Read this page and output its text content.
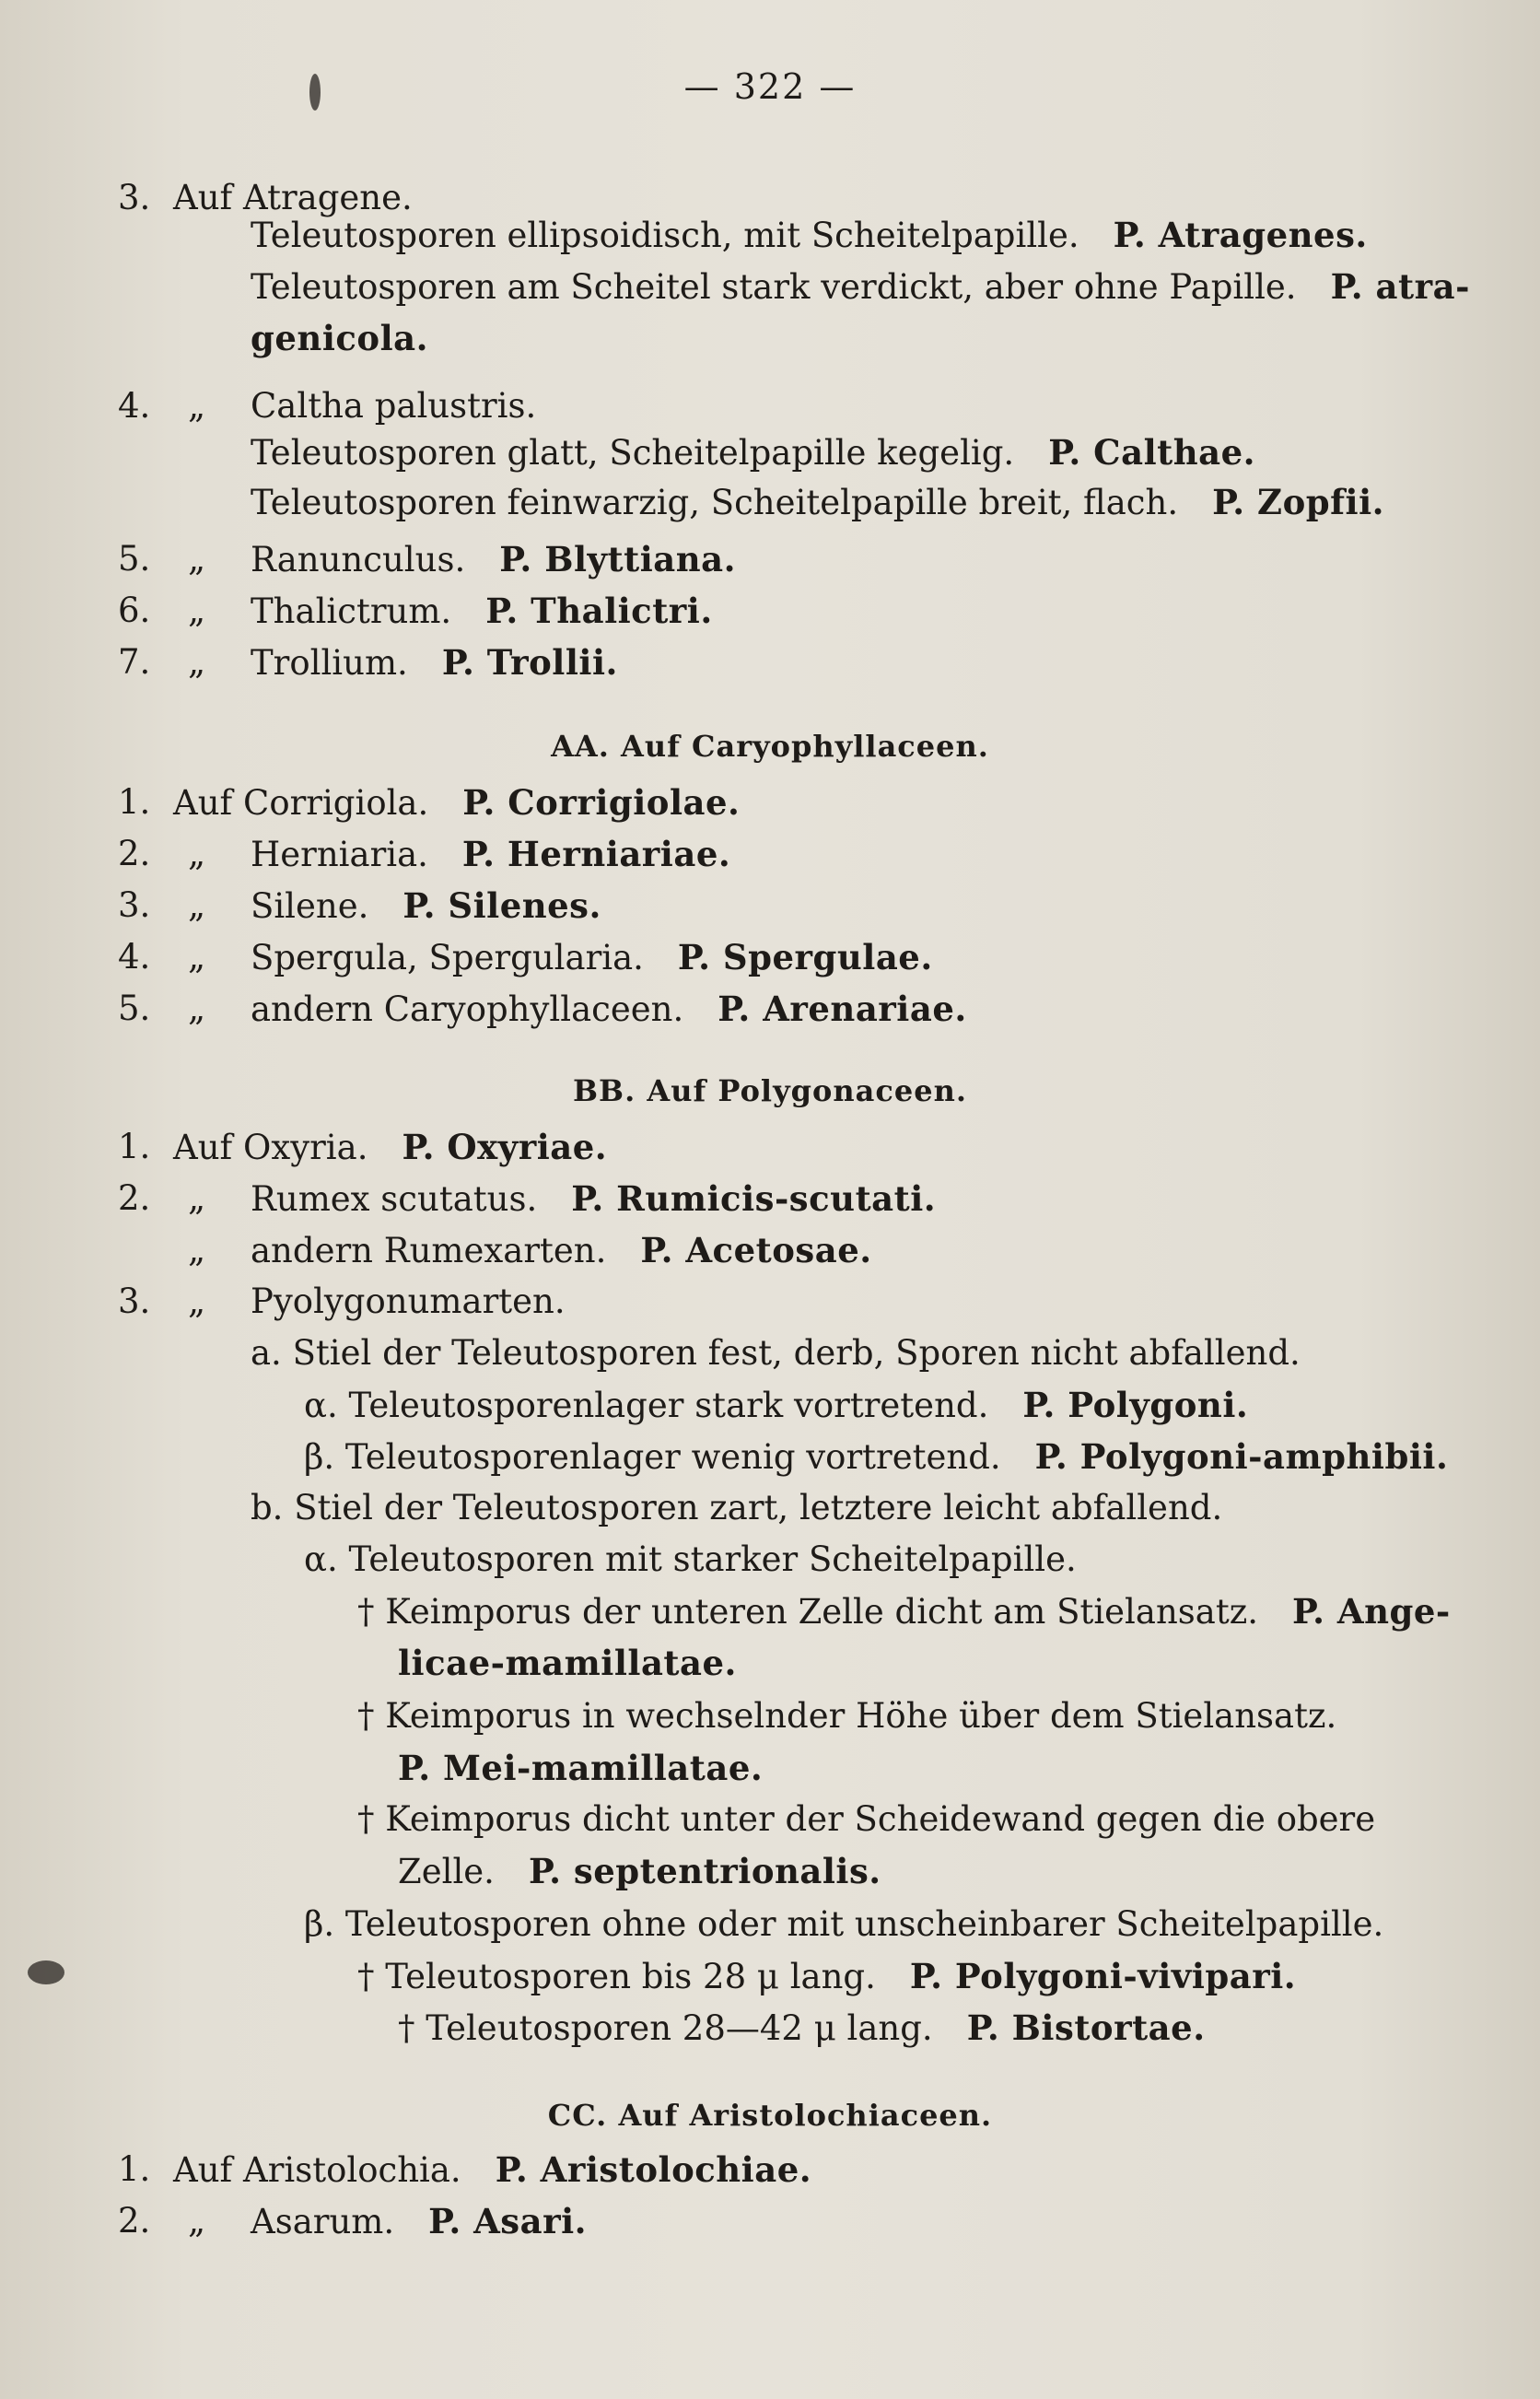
— 322 —
3. Auf Atragene.
Teleutosporen ellipsoidisch, mit Scheitelpapille.  P. Atragenes.
Teleutosporen am Scheitel stark verdickt, aber ohne Papille.  P. atra-
genicola.
4. „ Caltha palustris.
Teleutosporen glatt, Scheitelpapille kegelig.  P. Calthae.
Teleutosporen feinwarzig, Scheitelpapille breit, flach.  P. Zopfii.
5. „ Ranunculus.  P. Blyttiana.
6. „ Thalictrum.  P. Thalictri.
7. „ Trollium.  P. Trollii.
AA. Auf Caryophyllaceen.
1. Auf Corrigiola.  P. Corrigiolae.
2. „ Herniaria.  P. Herniariae.
3. „ Silene.  P. Silenes.
4. „ Spergula, Spergularia.  P. Spergulae.
5. „ andern Caryophyllaceen.  P. Arenariae.
BB. Auf Polygonaceen.
1. Auf Oxyria.  P. Oxyriae.
2. „ Rumex scutatus.  P. Rumicis-scutati.
„ andern Rumexarten.  P. Acetosae.
3. „ Pyolygonumarten.
a. Stiel der Teleutosporen fest, derb, Sporen nicht abfallend.
α. Teleutosporenlager stark vortretend.  P. Polygoni.
β. Teleutosporenlager wenig vortretend.  P. Polygoni-amphibii.
b. Stiel der Teleutosporen zart, letztere leicht abfallend.
α. Teleutosporen mit starker Scheitelpapille.
† Keimporus der unteren Zelle dicht am Stielansatz.  P. Ange-
licae-mamillatae.
† Keimporus in wechselnder Höhe über dem Stielansatz.
P. Mei-mamillatae.
† Keimporus dicht unter der Scheidewand gegen die obere
Zelle.  P. septentrionalis.
β. Teleutosporen ohne oder mit unscheinbarer Scheitelpapille.
† Teleutosporen bis 28 μ lang.  P. Polygoni-vivipari.
† Teleutosporen 28—42 μ lang.  P. Bistortae.
CC. Auf Aristolochiaceen.
1. Auf Aristolochia.  P. Aristolochiae.
2. „ Asarum.  P. Asari.
